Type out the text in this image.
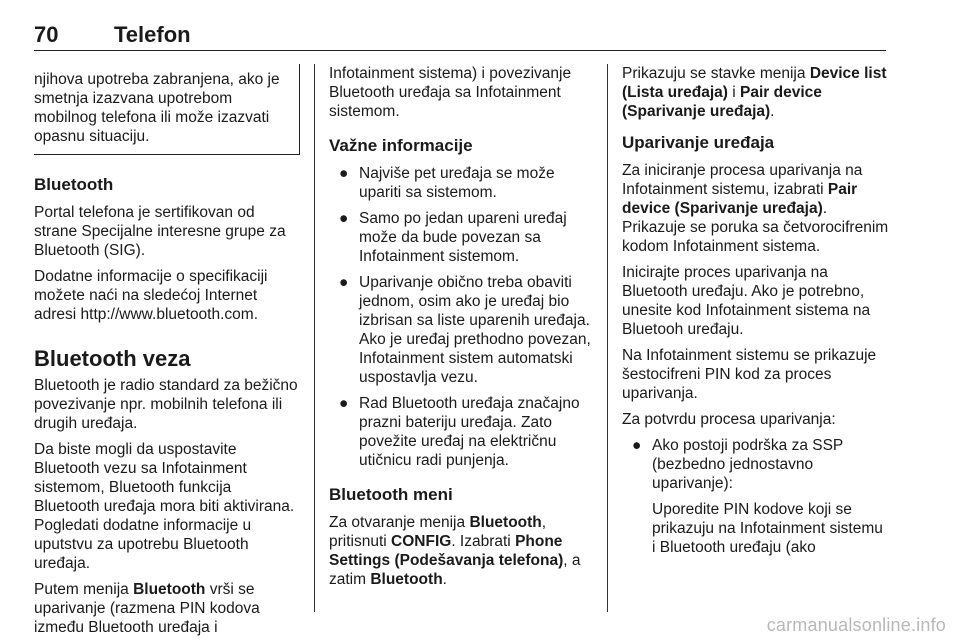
70	Telefon
njihova upotreba zabranjena, ako je smetnja izazvana upotrebom mobilnog telefona ili može izazvati opasnu situaciju.
Bluetooth

Portal telefona je sertifikovan od strane Specijalne interesne grupe za Bluetooth (SIG).

Dodatne informacije o specifikaciji možete naći na sledećoj Internet adresi http://www.bluetooth.com.

Bluetooth veza

Bluetooth je radio standard za bežično povezivanje npr. mobilnih telefona ili drugih uređaja.

Da biste mogli da uspostavite Bluetooth vezu sa Infotainment sistemom, Bluetooth funkcija Bluetooth uređaja mora biti aktivirana. Pogledati dodatne informacije u uputstvu za upotrebu Bluetooth uređaja.

Putem menija Bluetooth vrši se uparivanje (razmena PIN kodova između Bluetooth uređaja i

Infotainment sistema) i povezivanje Bluetooth uređaja sa Infotainment sistemom.

Važne informacije
● Najviše pet uređaja se može upariti sa sistemom.
● Samo po jedan upareni uređaj može da bude povezan sa Infotainment sistemom.
● Uparivanje obično treba obaviti jednom, osim ako je uređaj bio izbrisan sa liste uparenih uređaja. Ako je uređaj prethodno povezan, Infotainment sistem automatski uspostavlja vezu.
● Rad Bluetooth uređaja značajno prazni bateriju uređaja. Zato povežite uređaj na električnu utičnicu radi punjenja.
Bluetooth meni

Za otvaranje menija Bluetooth, pritisnuti CONFIG. Izabrati Phone Settings (Podešavanja telefona), a zatim Bluetooth.

Prikazuju se stavke menija Device list (Lista uređaja) i Pair device (Sparivanje uređaja).

Uparivanje uređaja

Za iniciranje procesa uparivanja na Infotainment sistemu, izabrati Pair device (Sparivanje uređaja).
Prikazuje se poruka sa četvorocifrenim kodom Infotainment sistema.

Inicirajte proces uparivanja na Bluetooth uređaju. Ako je potrebno, unesite kod Infotainment sistema na Bluetooh uređaju.

Na Infotainment sistemu se prikazuje šestocifreni PIN kod za proces uparivanja.

Za potvrdu procesa uparivanja:

● Ako postoji podrška za SSP (bezbedno jednostavno uparivanje):

Uporedite PIN kodove koji se prikazuju na Infotainment sistemu i Bluetooth uređaju (ako

carmanualsonline.info
